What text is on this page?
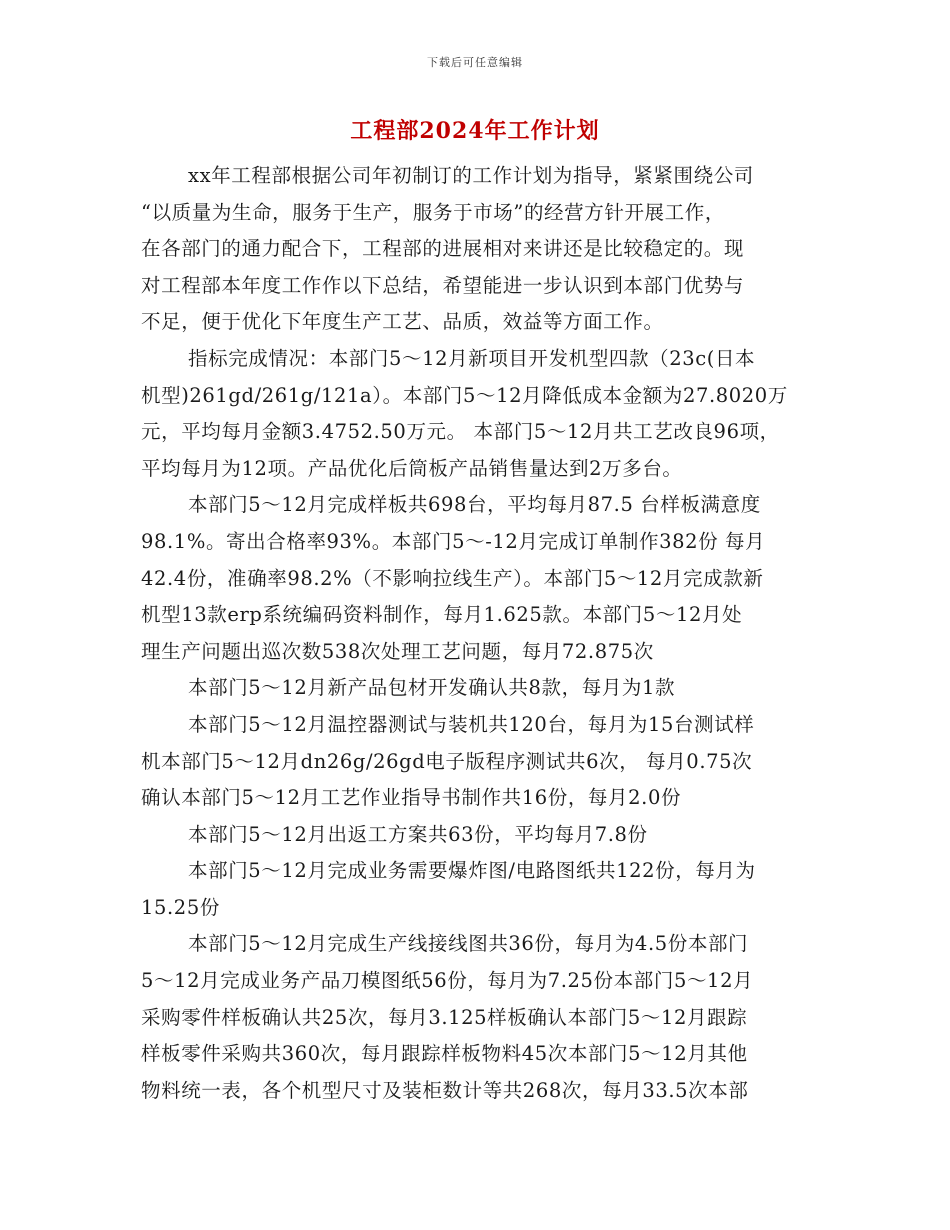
下载后可任意编辑
工程部2024年工作计划
xx年工程部根据公司年初制订的工作计划为指导，紧紧围绕公司
“以质量为生命，服务于生产，服务于市场”的经营方针开展工作，
在各部门的通力配合下，工程部的进展相对来讲还是比较稳定的。现
对工程部本年度工作作以下总结，希望能进一步认识到本部门优势与
不足，便于优化下年度生产工艺、品质，效益等方面工作。
指标完成情况：本部门5～12月新项目开发机型四款（23c(日本
机型)261gd/261g/121a）。本部门5～12月降低成本金额为27.8020万
元，平均每月金额3.4752.50万元。 本部门5～12月共工艺改良96项，
平均每月为12项。产品优化后筒板产品销售量达到2万多台。
本部门5～12月完成样板共698台，平均每月87.5 台样板满意度
98.1%。寄出合格率93%。本部门5～-12月完成订单制作382份 每月
42.4份，准确率98.2%（不影响拉线生产）。本部门5～12月完成款新
机型13款erp系统编码资料制作，每月1.625款。本部门5～12月处
理生产问题出巡次数538次处理工艺问题，每月72.875次
本部门5～12月新产品包材开发确认共8款，每月为1款
本部门5～12月温控器测试与装机共120台，每月为15台测试样
机本部门5～12月dn26g/26gd电子版程序测试共6次， 每月0.75次
确认本部门5～12月工艺作业指导书制作共16份，每月2.0份
本部门5～12月出返工方案共63份，平均每月7.8份
本部门5～12月完成业务需要爆炸图/电路图纸共122份，每月为
15.25份
本部门5～12月完成生产线接线图共36份，每月为4.5份本部门
5～12月完成业务产品刀模图纸56份，每月为7.25份本部门5～12月
采购零件样板确认共25次，每月3.125样板确认本部门5～12月跟踪
样板零件采购共360次，每月跟踪样板物料45次本部门5～12月其他
物料统一表，各个机型尺寸及装柜数计等共268次，每月33.5次本部
